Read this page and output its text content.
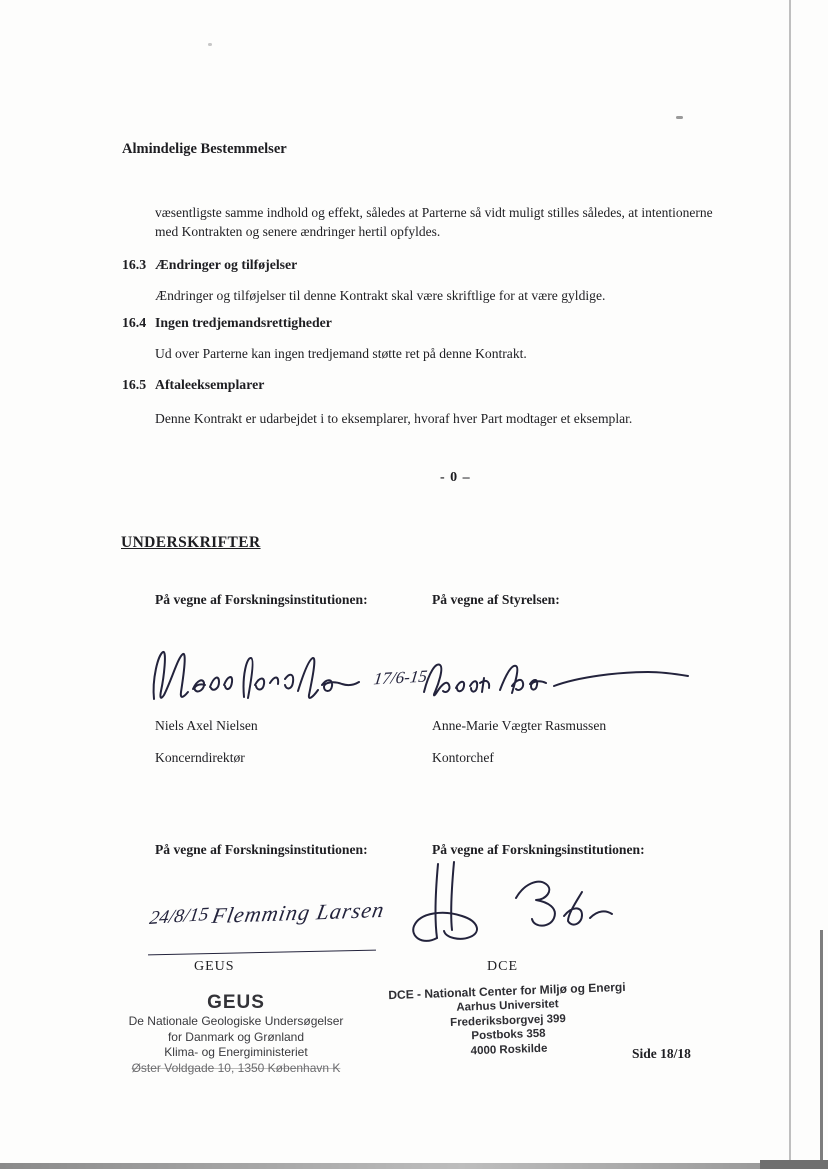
Almindelige Bestemmelser

væsentligste samme indhold og effekt, således at Parterne så vidt muligt stilles således, at intentionerne med Kontrakten og senere ændringer hertil opfyldes.

16.3 Ændringer og tilføjelser

Ændringer og tilføjelser til denne Kontrakt skal være skriftlige for at være gyldige.

16.4 Ingen tredjemandsrettigheder

Ud over Parterne kan ingen tredjemand støtte ret på denne Kontrakt.

16.5 Aftaleeksemplarer

Denne Kontrakt er udarbejdet i to eksemplarer, hvoraf hver Part modtager et eksemplar.

- 0 –
UNDERSKRIFTER
På vegne af Forskningsinstitutionen:	På vegne af Styrelsen:
17/6-15
Niels Axel Nielsen	Anne-Marie Vægter Rasmussen
Koncerndirektør	Kontorchef
På vegne af Forskningsinstitutionen:	På vegne af Forskningsinstitutionen:
24/8/15 Flemming Larsen
GEUS	DCE
GEUS
De Nationale Geologiske Undersøgelser
for Danmark og Grønland
Klima- og Energiministeriet
Øster Voldgade 10, 1350 København K
DCE - Nationalt Center for Miljø og Energi
Aarhus Universitet
Frederiksborgvej 399
Postboks 358
4000 Roskilde	Side 18/18
